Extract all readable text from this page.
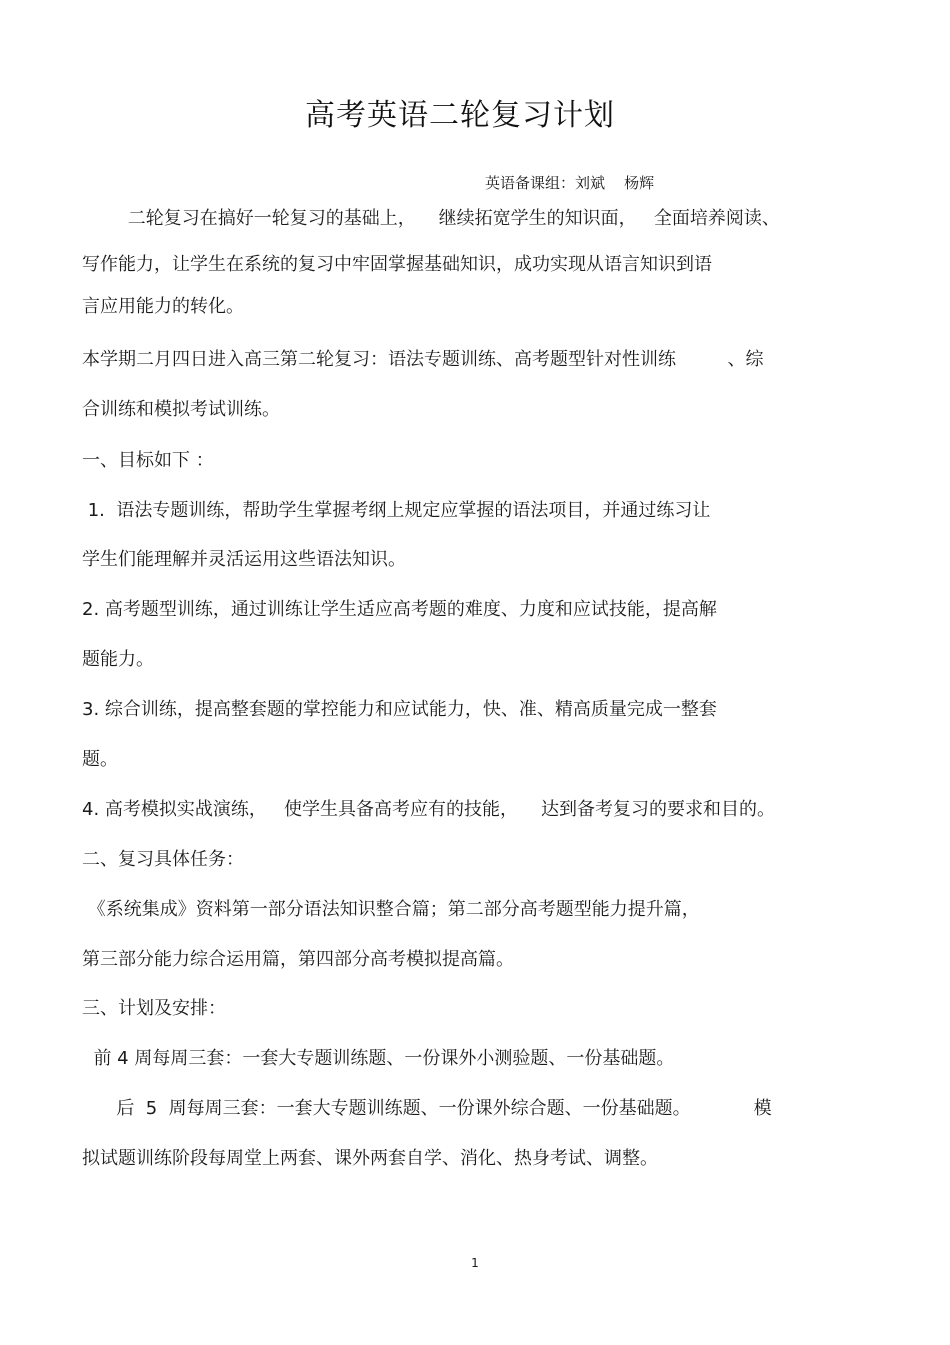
高考英语二轮复习计划
英语备课组：刘斌    杨辉
二轮复习在搞好一轮复习的基础上，    继续拓宽学生的知识面，   全面培养阅读、
写作能力，让学生在系统的复习中牢固掌握基础知识，成功实现从语言知识到语
言应用能力的转化。
本学期二月四日进入高三第二轮复习：语法专题训练、高考题型针对性训练         、综
合训练和模拟考试训练。
一、目标如下 ：
1.  语法专题训练，帮助学生掌握考纲上规定应掌握的语法项目，并通过练习让
学生们能理解并灵活运用这些语法知识。
2. 高考题型训练，通过训练让学生适应高考题的难度、力度和应试技能，提高解
题能力。
3. 综合训练，提高整套题的掌控能力和应试能力，快、准、精高质量完成一整套
题。
4. 高考模拟实战演练，   使学生具备高考应有的技能，    达到备考复习的要求和目的。
二、复习具体任务：
《系统集成》资料第一部分语法知识整合篇；第二部分高考题型能力提升篇，
第三部分能力综合运用篇，第四部分高考模拟提高篇。
三、计划及安排：
前 4 周每周三套：一套大专题训练题、一份课外小测验题、一份基础题。
后  5  周每周三套：一套大专题训练题、一份课外综合题、一份基础题。           模
拟试题训练阶段每周堂上两套、课外两套自学、消化、热身考试、调整。
1
